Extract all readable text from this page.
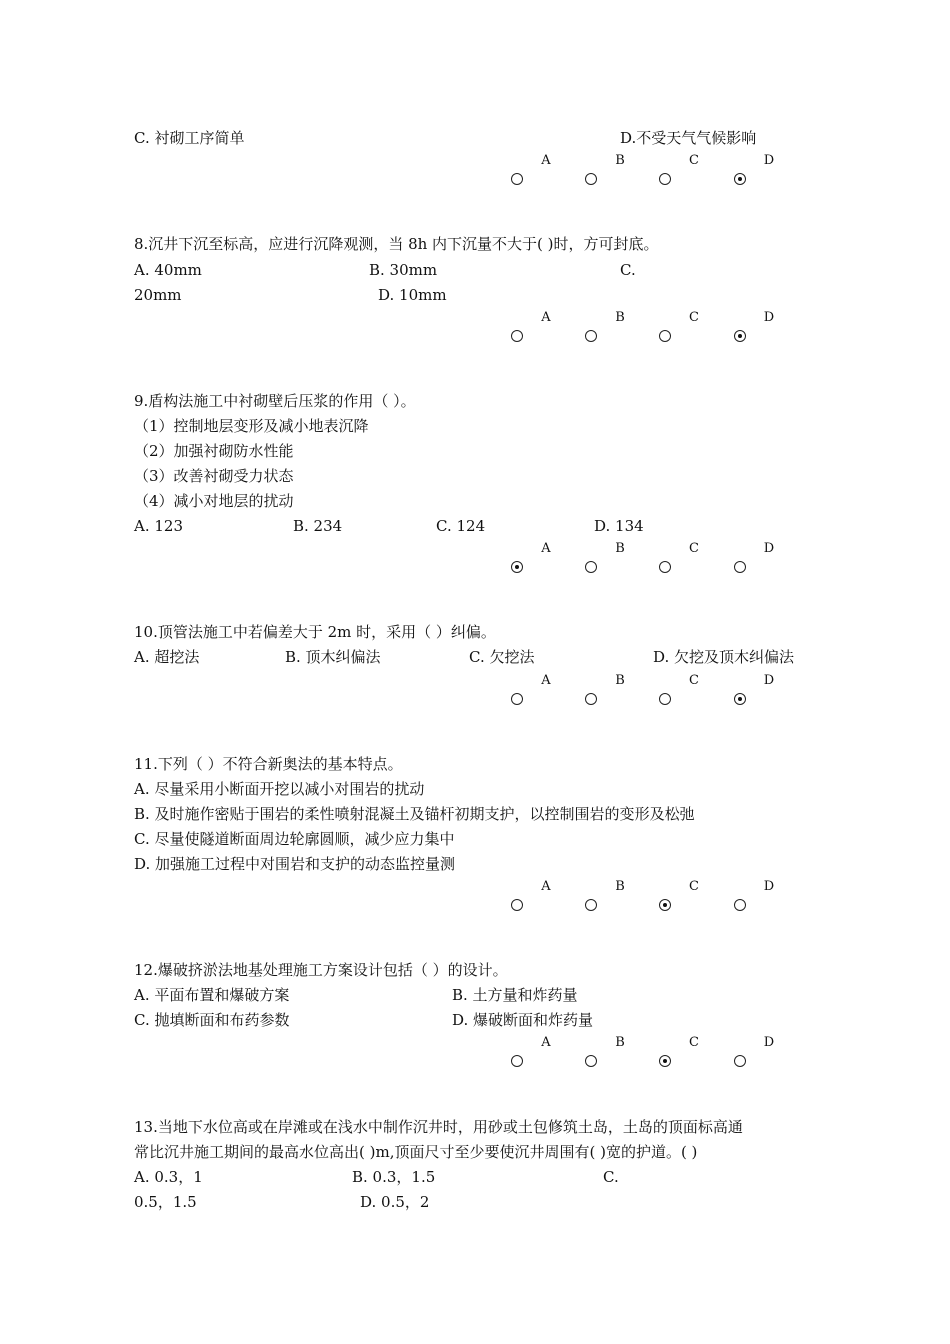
C. 衬砌工序简单	D.不受天气气候影响
A	B	C	D
8.沉井下沉至标高，应进行沉降观测，当 8h 内下沉量不大于( )时，方可封底。
A. 40mm	B. 30mm	C.
20mm	D. 10mm
A	B	C	D
9.盾构法施工中衬砌壁后压浆的作用（ ）。
（1）控制地层变形及减小地表沉降
（2）加强衬砌防水性能
（3）改善衬砌受力状态
（4）减小对地层的扰动
A. 123	B. 234	C. 124	D. 134
A	B	C	D
10.顶管法施工中若偏差大于 2m 时，采用（ ）纠偏。
A. 超挖法	B. 顶木纠偏法	C. 欠挖法	D. 欠挖及顶木纠偏法
A	B	C	D
11.下列（ ）不符合新奥法的基本特点。
A. 尽量采用小断面开挖以减小对围岩的扰动
B. 及时施作密贴于围岩的柔性喷射混凝土及锚杆初期支护，以控制围岩的变形及松弛
C. 尽量使隧道断面周边轮廓圆顺，减少应力集中
D. 加强施工过程中对围岩和支护的动态监控量测
A	B	C	D
12.爆破挤淤法地基处理施工方案设计包括（ ）的设计。
A. 平面布置和爆破方案	B. 土方量和炸药量
C. 抛填断面和布药参数	D. 爆破断面和炸药量
A	B	C	D
13.当地下水位高或在岸滩或在浅水中制作沉井时，用砂或土包修筑土岛，土岛的顶面标高通
常比沉井施工期间的最高水位高出( )m,顶面尺寸至少要使沉井周围有( )宽的护道。( )
A. 0.3，1	B. 0.3，1.5	C.
0.5，1.5	D. 0.5，2
